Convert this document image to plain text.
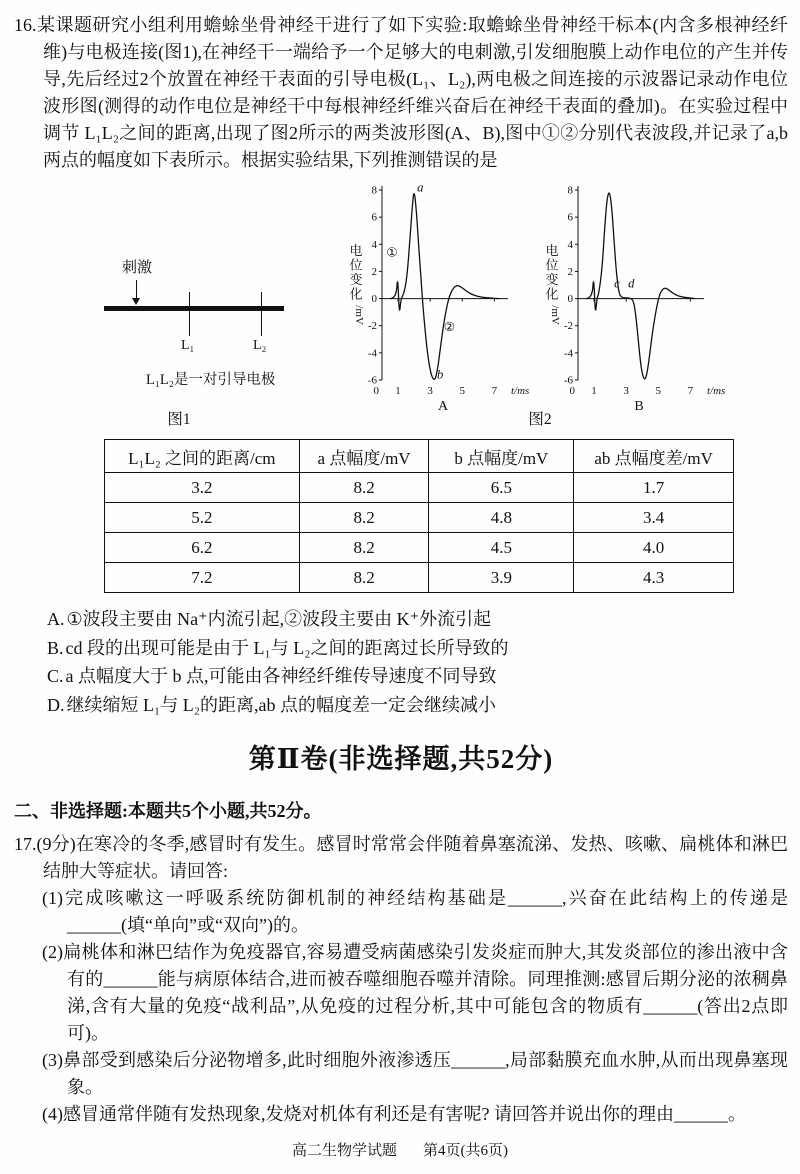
16.某课题研究小组利用蟾蜍坐骨神经干进行了如下实验:取蟾蜍坐骨神经干标本(内含多根神经纤维)与电极连接(图1),在神经干一端给予一个足够大的电刺激,引发细胞膜上动作电位的产生并传导,先后经过2个放置在神经干表面的引导电极(L₁、L₂),两电极之间连接的示波器记录动作电位波形图(测得的动作电位是神经干中每根神经纤维兴奋后在神经干表面的叠加)。在实验过程中调节 L₁L₂之间的距离,出现了图2所示的两类波形图(A、B),图中①②分别代表波段,并记录了a,b两点的幅度如下表所示。根据实验结果,下列推测错误的是

刺激
L₁	L₂
L₁L₂是一对引导电极
8
6
4
2
0
-2
-4
-6
1 3 5 7
0	t/ms
电
位
变
化
/mV
①
a
②
b
A
8
6
4
2
0
-2
-4
-6
1 3 5 7
0	t/ms
电
位
变
化
/mV
c d
B
图1	图2
L₁L₂ 之间的距离/cm	a 点幅度/mV	b 点幅度/mV	ab 点幅度差/mV
3.2	8.2	6.5	1.7
5.2	8.2	4.8	3.4
6.2	8.2	4.5	4.0
7.2	8.2	3.9	4.3
A. ①波段主要由 Na⁺内流引起,②波段主要由 K⁺外流引起
B. cd 段的出现可能是由于 L₁与 L₂之间的距离过长所导致的
C. a 点幅度大于 b 点,可能由各神经纤维传导速度不同导致
D. 继续缩短 L₁与 L₂的距离,ab 点的幅度差一定会继续减小
第Ⅱ卷(非选择题,共52分)
二、非选择题:本题共5个小题,共52分。

17.(9分)在寒冷的冬季,感冒时有发生。感冒时常常会伴随着鼻塞流涕、发热、咳嗽、扁桃体和淋巴结肿大等症状。请回答:

(1)完成咳嗽这一呼吸系统防御机制的神经结构基础是______,兴奋在此结构上的传递是______(填“单向”或“双向”)的。

(2)扁桃体和淋巴结作为免疫器官,容易遭受病菌感染引发炎症而肿大,其发炎部位的渗出液中含有的______能与病原体结合,进而被吞噬细胞吞噬并清除。同理推测:感冒后期分泌的浓稠鼻涕,含有大量的免疫“战利品”,从免疫的过程分析,其中可能包含的物质有______(答出2点即可)。

(3)鼻部受到感染后分泌物增多,此时细胞外液渗透压______,局部黏膜充血水肿,从而出现鼻塞现象。

(4)感冒通常伴随有发热现象,发烧对机体有利还是有害呢? 请回答并说出你的理由______。

高二生物学试题 第4页(共6页)
